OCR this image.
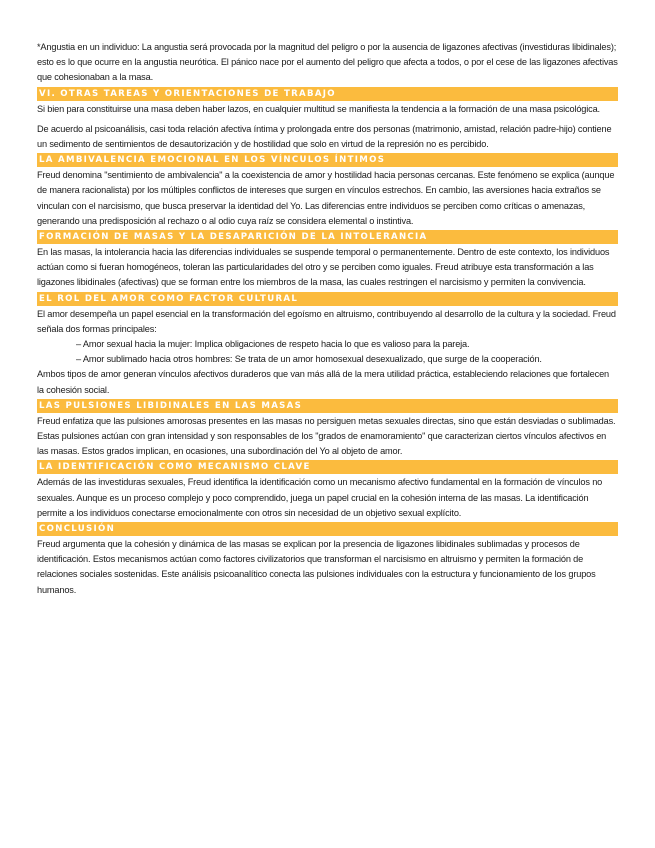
*Angustia en un individuo: La angustia será provocada por la magnitud del peligro o por la ausencia de ligazones afectivas (investiduras libidinales); esto es lo que ocurre en la angustia neurótica. El pánico nace por el aumento del peligro que afecta a todos, o por el cese de las ligazones afectivas que cohesionaban a la masa.

VI. OTRAS TAREAS Y ORIENTACIONES DE TRABAJO

Si bien para constituirse una masa deben haber lazos, en cualquier multitud se manifiesta la tendencia a la formación de una masa psicológica.

De acuerdo al psicoanálisis, casi toda relación afectiva íntima y prolongada entre dos personas (matrimonio, amistad, relación padre-hijo) contiene un sedimento de sentimientos de desautorización y de hostilidad que solo en virtud de la represión no es percibido.

LA AMBIVALENCIA EMOCIONAL EN LOS VÍNCULOS ÍNTIMOS

Freud denomina "sentimiento de ambivalencia" a la coexistencia de amor y hostilidad hacia personas cercanas. Este fenómeno se explica (aunque de manera racionalista) por los múltiples conflictos de intereses que surgen en vínculos estrechos. En cambio, las aversiones hacia extraños se vinculan con el narcisismo, que busca preservar la identidad del Yo. Las diferencias entre individuos se perciben como críticas o amenazas, generando una predisposición al rechazo o al odio cuya raíz se considera elemental o instintiva.

FORMACIÓN DE MASAS Y LA DESAPARICIÓN DE LA INTOLERANCIA

En las masas, la intolerancia hacia las diferencias individuales se suspende temporal o permanentemente. Dentro de este contexto, los individuos actúan como si fueran homogéneos, toleran las particularidades del otro y se perciben como iguales. Freud atribuye esta transformación a las ligazones libidinales (afectivas) que se forman entre los miembros de la masa, las cuales restringen el narcisismo y permiten la convivencia.

EL ROL DEL AMOR COMO FACTOR CULTURAL

El amor desempeña un papel esencial en la transformación del egoísmo en altruismo, contribuyendo al desarrollo de la cultura y la sociedad. Freud señala dos formas principales:

– Amor sexual hacia la mujer: Implica obligaciones de respeto hacia lo que es valioso para la pareja.

– Amor sublimado hacia otros hombres: Se trata de un amor homosexual desexualizado, que surge de la cooperación.

Ambos tipos de amor generan vínculos afectivos duraderos que van más allá de la mera utilidad práctica, estableciendo relaciones que fortalecen la cohesión social.

LAS PULSIONES LIBIDINALES EN LAS MASAS

Freud enfatiza que las pulsiones amorosas presentes en las masas no persiguen metas sexuales directas, sino que están desviadas o sublimadas. Estas pulsiones actúan con gran intensidad y son responsables de los "grados de enamoramiento" que caracterizan ciertos vínculos afectivos en las masas. Estos grados implican, en ocasiones, una subordinación del Yo al objeto de amor.

LA IDENTIFICACIÓN COMO MECANISMO CLAVE

Además de las investiduras sexuales, Freud identifica la identificación como un mecanismo afectivo fundamental en la formación de vínculos no sexuales. Aunque es un proceso complejo y poco comprendido, juega un papel crucial en la cohesión interna de las masas. La identificación permite a los individuos conectarse emocionalmente con otros sin necesidad de un objetivo sexual explícito.

CONCLUSIÓN

Freud argumenta que la cohesión y dinámica de las masas se explican por la presencia de ligazones libidinales sublimadas y procesos de identificación. Estos mecanismos actúan como factores civilizatorios que transforman el narcisismo en altruismo y permiten la formación de relaciones sociales sostenidas. Este análisis psicoanalítico conecta las pulsiones individuales con la estructura y funcionamiento de los grupos humanos.
